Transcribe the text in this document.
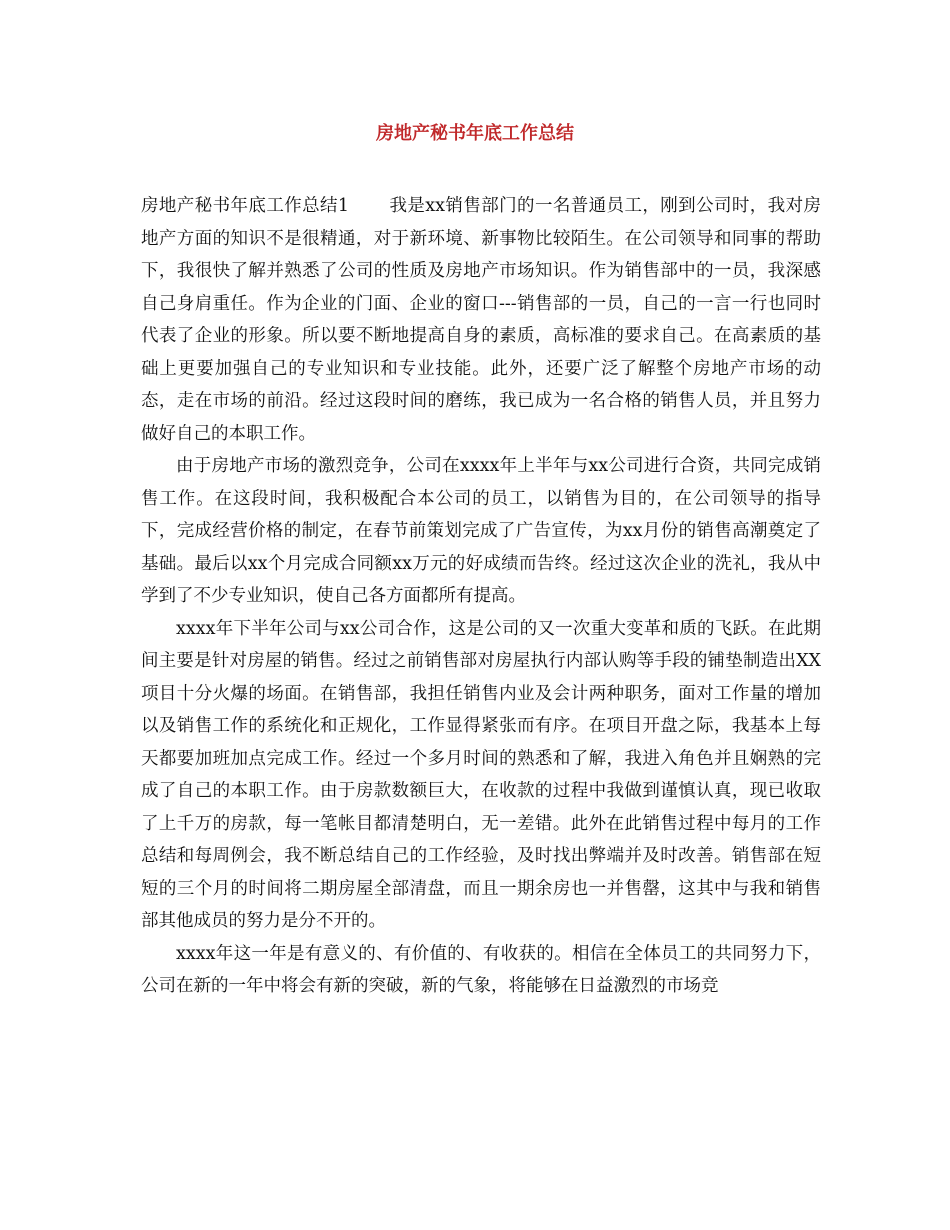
房地产秘书年底工作总结

房地产秘书年底工作总结1 我是xx销售部门的一名普通员工，刚到公司时，我对房地产方面的知识不是很精通，对于新环境、新事物比较陌生。在公司领导和同事的帮助下，我很快了解并熟悉了公司的性质及房地产市场知识。作为销售部中的一员，我深感自己身肩重任。作为企业的门面、企业的窗口---销售部的一员，自己的一言一行也同时代表了企业的形象。所以要不断地提高自身的素质，高标准的要求自己。在高素质的基础上更要加强自己的专业知识和专业技能。此外，还要广泛了解整个房地产市场的动态，走在市场的前沿。经过这段时间的磨练，我已成为一名合格的销售人员，并且努力做好自己的本职工作。

由于房地产市场的激烈竞争，公司在xxxx年上半年与xx公司进行合资，共同完成销售工作。在这段时间，我积极配合本公司的员工，以销售为目的，在公司领导的指导下，完成经营价格的制定，在春节前策划完成了广告宣传，为xx月份的销售高潮奠定了基础。最后以xx个月完成合同额xx万元的好成绩而告终。经过这次企业的洗礼，我从中学到了不少专业知识，使自己各方面都所有提高。

xxxx年下半年公司与xx公司合作，这是公司的又一次重大变革和质的飞跃。在此期间主要是针对房屋的销售。经过之前销售部对房屋执行内部认购等手段的铺垫制造出XX项目十分火爆的场面。在销售部，我担任销售内业及会计两种职务，面对工作量的增加以及销售工作的系统化和正规化，工作显得紧张而有序。在项目开盘之际，我基本上每天都要加班加点完成工作。经过一个多月时间的熟悉和了解，我进入角色并且娴熟的完成了自己的本职工作。由于房款数额巨大，在收款的过程中我做到谨慎认真，现已收取了上千万的房款，每一笔帐目都清楚明白，无一差错。此外在此销售过程中每月的工作总结和每周例会，我不断总结自己的工作经验，及时找出弊端并及时改善。销售部在短短的三个月的时间将二期房屋全部清盘，而且一期余房也一并售罄，这其中与我和销售部其他成员的努力是分不开的。

xxxx年这一年是有意义的、有价值的、有收获的。相信在全体员工的共同努力下，公司在新的一年中将会有新的突破，新的气象，将能够在日益激烈的市场竞
